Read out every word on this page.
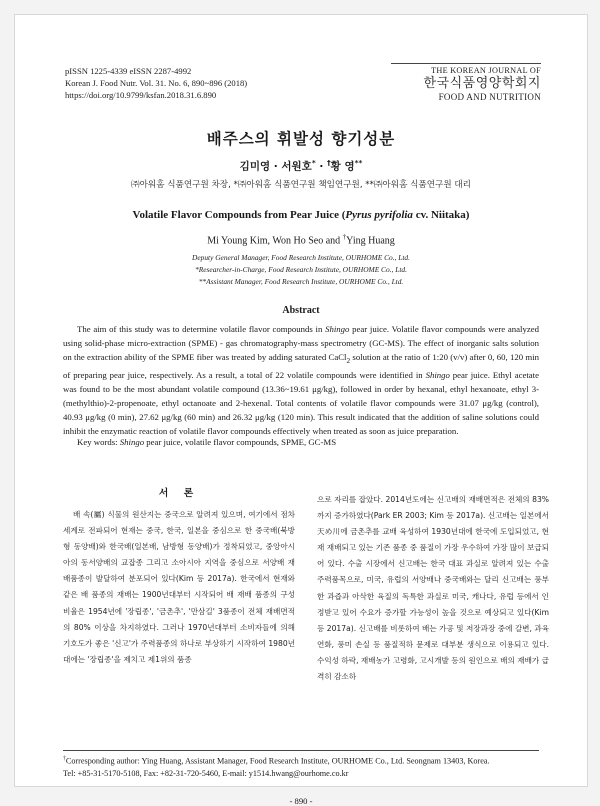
pISSN 1225-4339 eISSN 2287-4992
Korean J. Food Nutr. Vol. 31. No. 6, 890~896 (2018)
https://doi.org/10.9799/ksfan.2018.31.6.890
THE KOREAN JOURNAL OF
한국식품영양학회지
FOOD AND NUTRITION
배주스의 휘발성 향기성분
김미영 · 서원호* · †황 영**
㈜아워홈 식품연구원 차장, *㈜아워홈 식품연구원 책임연구원, **㈜아워홈 식품연구원 대리
Volatile Flavor Compounds from Pear Juice (Pyrus pyrifolia cv. Niitaka)
Mi Young Kim, Won Ho Seo and †Ying Huang
Deputy General Manager, Food Research Institute, OURHOME Co., Ltd.
*Researcher-in-Charge, Food Research Institute, OURHOME Co., Ltd.
**Assistant Manager, Food Research Institute, OURHOME Co., Ltd.
Abstract

The aim of this study was to determine volatile flavor compounds in Shingo pear juice. Volatile flavor compounds were analyzed using solid-phase micro-extraction (SPME) - gas chromatography-mass spectrometry (GC-MS). The effect of inorganic salts solution on the extraction ability of the SPME fiber was treated by adding saturated CaCl$_2$ solution at the ratio of 1:20 (v/v) after 0, 60, 120 min of preparing pear juice, respectively. As a result, a total of 22 volatile compounds were identified in Shingo pear juice. Ethyl acetate was found to be the most abundant volatile compound (13.36~19.61 μg/kg), followed in order by hexanal, ethyl hexanoate, ethyl 3-(methylthio)-2-propenoate, ethyl octanoate and 2-hexenal. Total contents of volatile flavor compounds were 31.07 μg/kg (control), 40.93 μg/kg (0 min), 27.62 μg/kg (60 min) and 26.32 μg/kg (120 min). This result indicated that the addition of saline solutions could inhibit the enzymatic reaction of volatile flavor compounds effectively when treated as soon as juice preparation.

Key words: Shingo pear juice, volatile flavor compounds, SPME, GC-MS
서 론

배 속(屬) 식물의 원산지는 중국으로 알려져 있으며, 여기에서 점차 세계로 전파되어 현재는 중국, 한국, 일본을 중심으로 한 중국배(북방형 동양배)와 한국배(일본배, 남방형 동양배)가 정착되었고, 중앙아시아의 동서양배의 교잡종 그리고 소아시아 지역을 중심으로 서양배 재배품종이 발달하여 분포되어 있다(Kim 등 2017a). 한국에서 현재와 같은 배 품종의 재배는 1900년대부터 시작되어 배 재배 품종의 구성 비율은 1954년에 '장립종', '금촌추', '만삼길' 3품종이 전체 재배면적의 80% 이상을 차지하였다. 그러나 1970년대부터 소비자들에 의해 기호도가 좋은 '신고'가 주력품종의 하나로 부상하기 시작하여 1980년대에는 '장립종'을 제치고 제1위의 품종

으로 자리를 잡았다. 2014년도에는 신고배의 재배면적은 전체의 83%까지 증가하였다(Park ER 2003; Kim 등 2017a). 신고배는 일본에서 天め川에 금촌추를 교배 육성하여 1930년대에 한국에 도입되었고, 현재 재배되고 있는 기존 품종 중 품질이 가장 우수하여 가장 많이 보급되어 있다. 수출 시장에서 신고배는 한국 대표 과실로 알려져 있는 수출 주력품목으로, 미국, 유럽의 서양배나 중국배와는 달리 신고배는 풍부한 과즙과 아삭한 육질의 독특한 과실로 미국, 캐나다, 유럽 등에서 인정받고 있어 수요가 증가할 가능성이 높을 것으로 예상되고 있다(Kim 등 2017a). 신고배를 비롯하여 배는 가공 및 저장과장 중에 갈변, 과육 연화, 풍미 손실 등 품질적하 문제로 대부분 생식으로 이용되고 있다. 수익성 하락, 재배농가 고령화, 고시개발 등의 원인으로 배의 재배가 급격히 감소하

†Corresponding author: Ying Huang, Assistant Manager, Food Research Institute, OURHOME Co., Ltd. Seongnam 13403, Korea.
Tel: +85-31-5170-5108, Fax: +82-31-720-5460, E-mail: y1514.hwang@ourhome.co.kr
- 890 -
